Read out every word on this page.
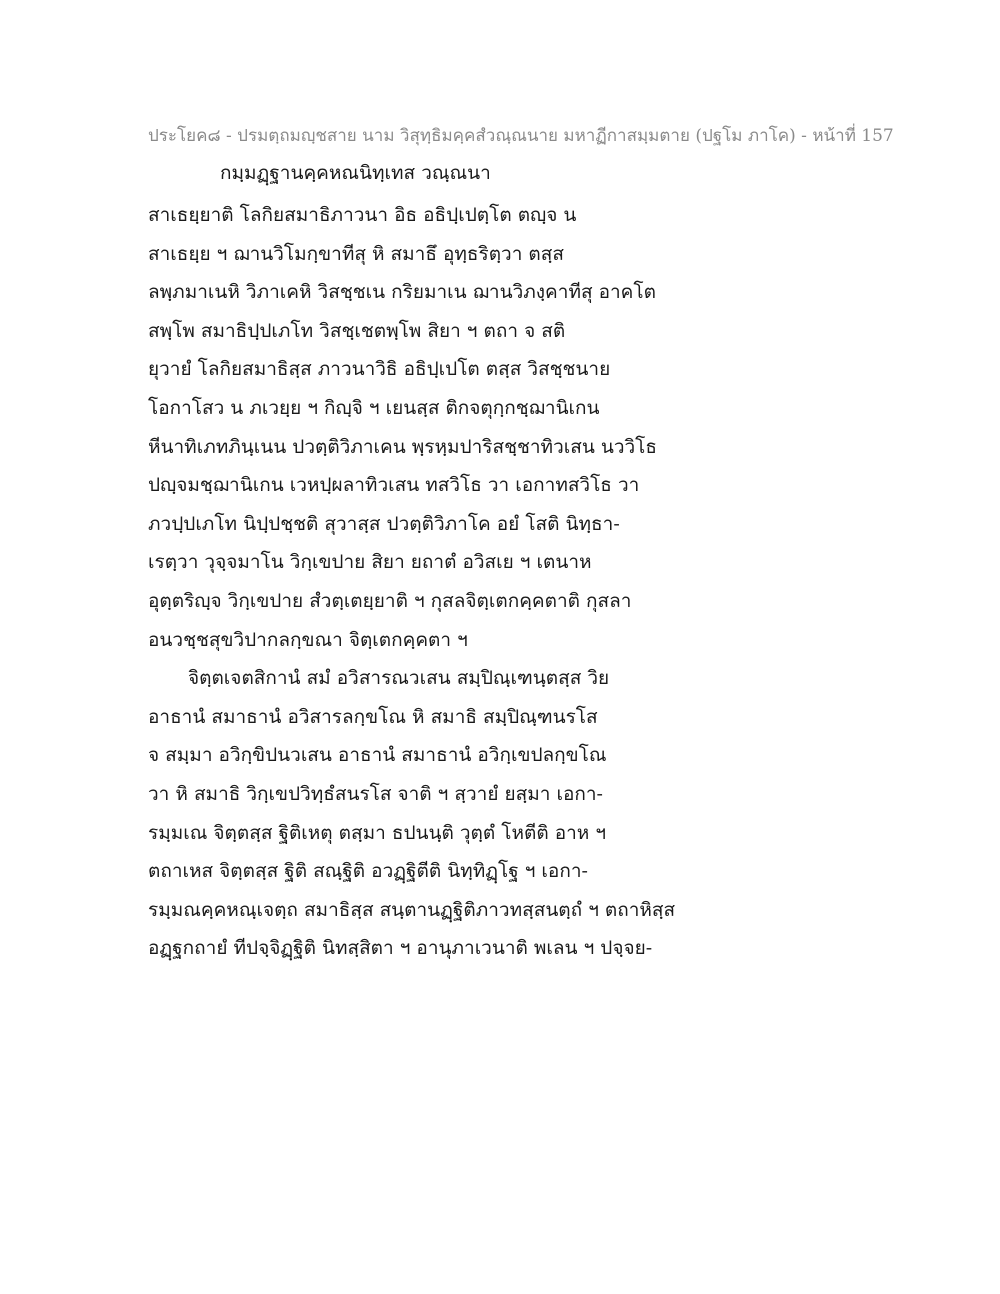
ประโยค๘ - ปรมตฺถมญฺชสาย นาม วิสุทฺธิมคฺคสํวณฺณนาย มหาฏีกาสมฺมตาย (ปฐโม ภาโค) - หน้าที่ 157
กมฺมฏฺฐานคฺคหณนิทฺเทส วณฺณนา
สาเธยฺยาติ โลกิยสมาธิภาวนา อิธ อธิปฺเปตฺโต ตญฺจ น
สาเธยฺย ฯ ฌานวิโมกฺขาทีสุ หิ สมาธึ อุทฺธริตฺวา ตสฺส
ลพฺภมาเนหิ วิภาเคหิ วิสชฺชเน กริยมาเน ฌานวิภงฺคาทีสุ อาคโต
สพฺโพ สมาธิปฺปเภโท วิสชฺเชตพฺโพ สิยา ฯ ตถา จ สติ
ยุวายํ โลกิยสมาธิสฺส ภาวนาวิธิ อธิปฺเปโต ตสฺส วิสชฺชนาย
โอกาโสว น ภเวยฺย ฯ กิญฺจิ ฯ เยนสฺส ติกจตุกฺกชฺฌานิเกน
หีนาทิเภทภินฺเนน ปวตฺติวิภาเคน พฺรหฺมปาริสชฺชาทิวเสน นววิโธ
ปญฺจมชฺฌานิเกน เวหปฺผลาทิวเสน ทสวิโธ วา เอกาทสวิโธ วา
ภวปฺปเภโท นิปฺปชฺชติ สุวาสฺส ปวตฺติวิภาโค อยํ โสติ นิทฺธา-
เรตฺวา วุจฺจมาโน วิกฺเขปาย สิยา ยถาตํ อวิสเย ฯ เตนาห
อุตฺตริญฺจ วิกฺเขปาย สํวตฺเตยฺยาติ ฯ กุสลจิตฺเตกคฺคตาติ กุสลา
อนวชฺชสุขวิปากลกฺขณา จิตฺเตกคฺคตา ฯ
จิตฺตเจตสิกานํ สมํ อวิสารณวเสน สมฺปิณฺเฑนฺตสฺส วิย
อาธานํ สมาธานํ อวิสารลกฺขโณ หิ สมาธิ สมฺปิณฺฑนรโส
จ สมฺมา อวิกฺขิปนวเสน อาธานํ สมาธานํ อวิกฺเขปลกฺขโณ
วา หิ สมาธิ วิกฺเขปวิทฺธํสนรโส จาติ ฯ สฺวายํ ยสฺมา เอกา-
รมฺมเณ จิตฺตสฺส ฐิติเหตุ ตสฺมา ธปนนฺติ วุตฺตํ โหตีติ อาห ฯ
ตถาเหส จิตฺตสฺส ฐิติ สณฺฐิติ อวฏฺฐิตีติ นิทฺทิฏฺโฐ ฯ เอกา-
รมฺมณคฺคหณฺเจตฺถ สมาธิสฺส สนฺตานฏฺฐิติภาวทสฺสนตฺถํ ฯ ตถาหิสฺส
อฏฺฐกถายํ ทีปจฺจิฏฺฐิติ นิทสฺสิตา ฯ อานุภาเวนาติ พเลน ฯ ปจฺจย-
